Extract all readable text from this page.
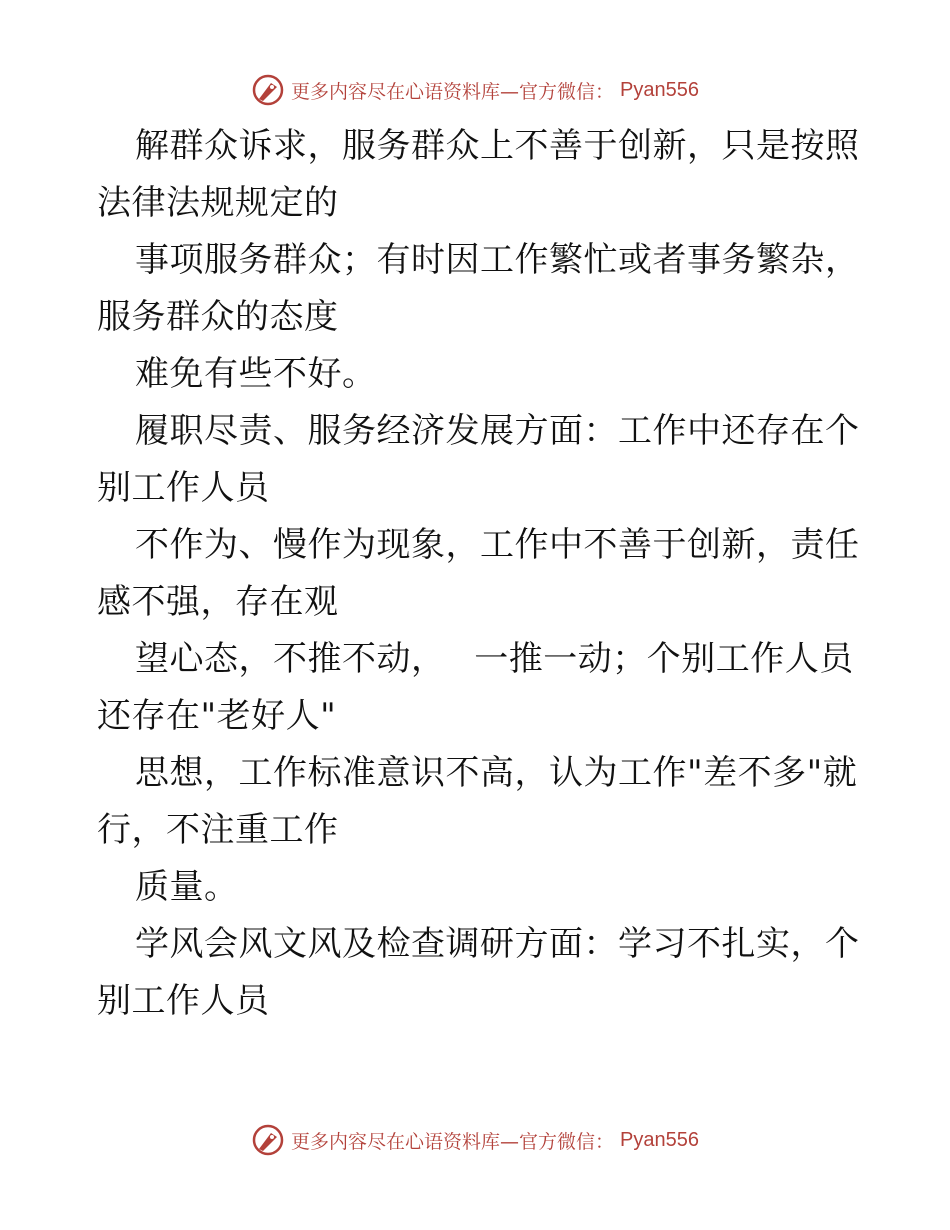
更多内容尽在心语资料库—官方微信： Pyan556
解群众诉求，服务群众上不善于创新，只是按照
法律法规规定的
事项服务群众；有时因工作繁忙或者事务繁杂，
服务群众的态度
难免有些不好。
履职尽责、服务经济发展方面：工作中还存在个
别工作人员
不作为、慢作为现象，工作中不善于创新，责任
感不强，存在观
望心态，不推不动，　 一推一动；个别工作人员
还存在"老好人"
思想，工作标准意识不高，认为工作"差不多"就
行，不注重工作
质量。
学风会风文风及检查调研方面：学习不扎实，个
别工作人员
更多内容尽在心语资料库—官方微信： Pyan556
